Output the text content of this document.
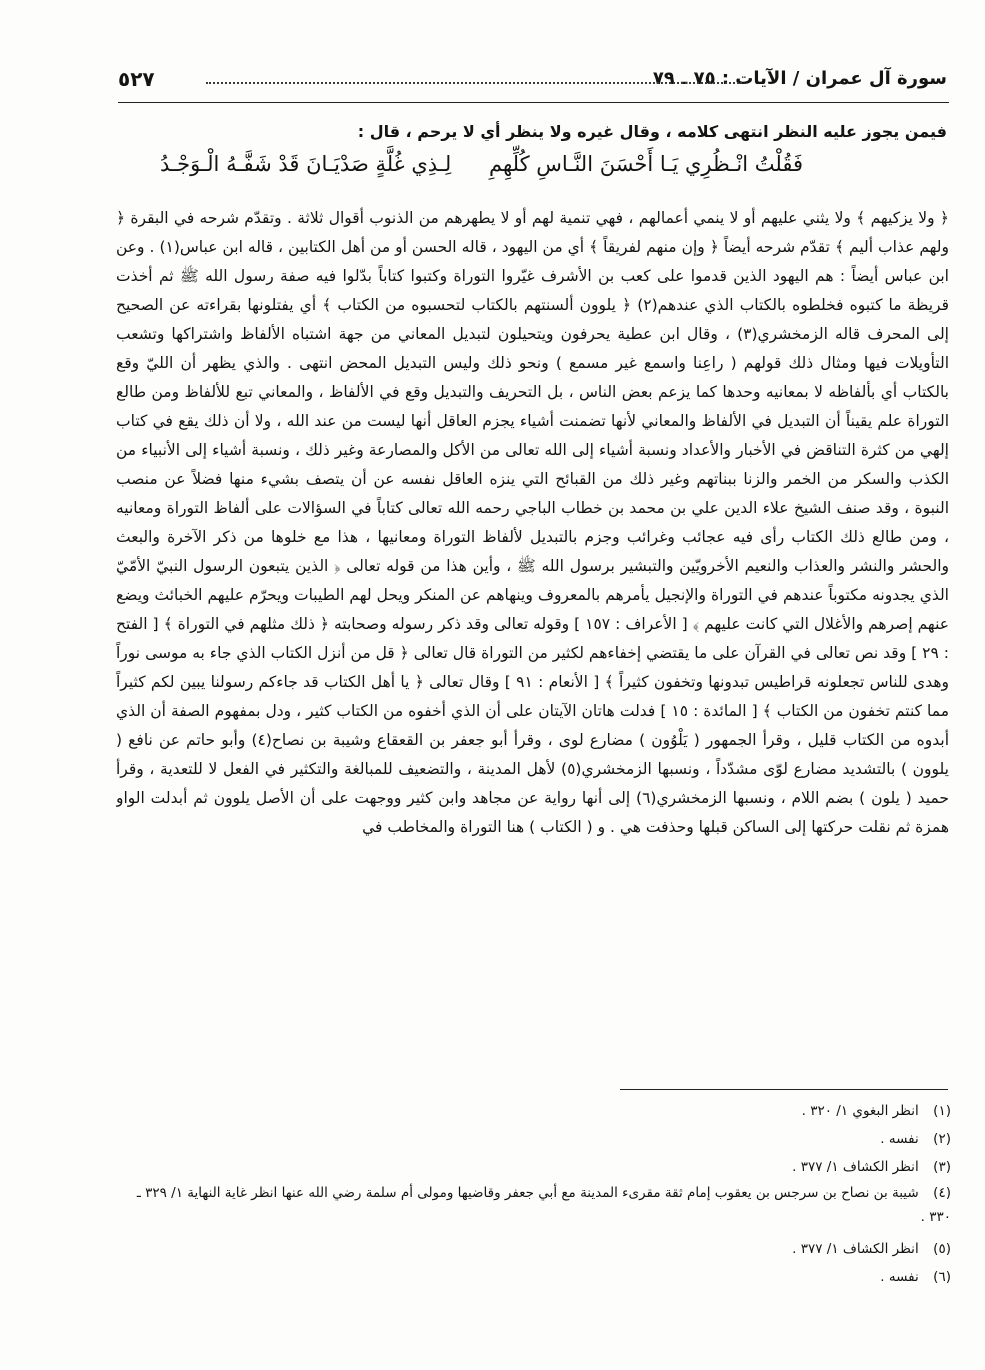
سورة آل عمران / الآيات : ٧٥ ـ ٧٩
٥٢٧
فيمن يجوز عليه النظر انتهى كلامه ، وقال غيره ولا ينظر أي لا يرحم ، قال :
فَقُلْتُ انْـظُرِي يَـا أَحْسَنَ النَّـاسِ كُلِّهِمِ
لِـذِي غُلَّةٍ صَدْيَـانَ قَدْ شَفَّـهُ الْـوَجْـدُ

﴿ ولا يزكيهم ﴾ ولا يثني عليهم أو لا ينمي أعمالهم ، فهي تنمية لهم أو لا يطهرهم من الذنوب أقوال ثلاثة . وتقدّم شرحه في البقرة ﴿ ولهم عذاب أليم ﴾ تقدّم شرحه أيضاً ﴿ وإن منهم لفريقاً ﴾ أي من اليهود ، قاله الحسن أو من أهل الكتابين ، قاله ابن عباس(١) . وعن ابن عباس أيضاً : هم اليهود الذين قدموا على كعب بن الأشرف غيّروا التوراة وكتبوا كتاباً بدّلوا فيه صفة رسول الله ﷺ ثم أخذت قريظة ما كتبوه فخلطوه بالكتاب الذي عندهم(٢) ﴿ يلوون ألسنتهم بالكتاب لتحسبوه من الكتاب ﴾ أي يفتلونها بقراءته عن الصحيح إلى المحرف قاله الزمخشري(٣) ، وقال ابن عطية يحرفون ويتحيلون لتبديل المعاني من جهة اشتباه الألفاظ واشتراكها وتشعب التأويلات فيها ومثال ذلك قولهم ( راعِنا واسمع غير مسمع ) ونحو ذلك وليس التبديل المحض انتهى . والذي يظهر أن الليّ وقع بالكتاب أي بألفاظه لا بمعانيه وحدها كما يزعم بعض الناس ، بل التحريف والتبديل وقع في الألفاظ ، والمعاني تبع للألفاظ ومن طالع التوراة علم يقيناً أن التبديل في الألفاظ والمعاني لأنها تضمنت أشياء يجزم العاقل أنها ليست من عند الله ، ولا أن ذلك يقع في كتاب إلهي من كثرة التناقض في الأخبار والأعداد ونسبة أشياء إلى الله تعالى من الأكل والمصارعة وغير ذلك ، ونسبة أشياء إلى الأنبياء من الكذب والسكر من الخمر والزنا ببناتهم وغير ذلك من القبائح التي ينزه العاقل نفسه عن أن يتصف بشيء منها فضلاً عن منصب النبوة ، وقد صنف الشيخ علاء الدين علي بن محمد بن خطاب الباجي رحمه الله تعالى كتاباً في السؤالات على ألفاظ التوراة ومعانيه ، ومن طالع ذلك الكتاب رأى فيه عجائب وغرائب وجزم بالتبديل لألفاظ التوراة ومعانيها ، هذا مع خلوها من ذكر الآخرة والبعث والحشر والنشر والعذاب والنعيم الأخرويّين والتبشير برسول الله ﷺ ، وأين هذا من قوله تعالى ﴿ الذين يتبعون الرسول النبيّ الأمّيّ الذي يجدونه مكتوباً عندهم في التوراة والإنجيل يأمرهم بالمعروف وينهاهم عن المنكر ويحل لهم الطيبات ويحرّم عليهم الخبائث ويضع عنهم إصرهم والأغلال التي كانت عليهم ﴾ [ الأعراف : ١٥٧ ] وقوله تعالى وقد ذكر رسوله وصحابته ﴿ ذلك مثلهم في التوراة ﴾ [ الفتح : ٢٩ ] وقد نص تعالى في القرآن على ما يقتضي إخفاءهم لكثير من التوراة قال تعالى ﴿ قل من أنزل الكتاب الذي جاء به موسى نوراً وهدى للناس تجعلونه قراطيس تبدونها وتخفون كثيراً ﴾ [ الأنعام : ٩١ ] وقال تعالى ﴿ يا أهل الكتاب قد جاءكم رسولنا يبين لكم كثيراً مما كنتم تخفون من الكتاب ﴾ [ المائدة : ١٥ ] فدلت هاتان الآيتان على أن الذي أخفوه من الكتاب كثير ، ودل بمفهوم الصفة أن الذي أبدوه من الكتاب قليل ، وقرأ الجمهور ( يَلْوُون ) مضارع لوى ، وقرأ أبو جعفر بن القعقاع وشيبة بن نصاح(٤) وأبو حاتم عن نافع ( يلوون ) بالتشديد مضارع لوّى مشدّداً ، ونسبها الزمخشري(٥) لأهل المدينة ، والتضعيف للمبالغة والتكثير في الفعل لا للتعدية ، وقرأ حميد ( يلون ) بضم اللام ، ونسبها الزمخشري(٦) إلى أنها رواية عن مجاهد وابن كثير ووجهت على أن الأصل يلوون ثم أبدلت الواو همزة ثم نقلت حركتها إلى الساكن قبلها وحذفت هي . و ( الكتاب ) هنا التوراة والمخاطب في

(١) انظر البغوي ١/ ٣٢٠ .

(٢) نفسه .

(٣) انظر الكشاف ١/ ٣٧٧ .

(٤) شيبة بن نصاح بن سرجس بن يعقوب إمام ثقة مقرىء المدينة مع أبي جعفر وقاضيها ومولى أم سلمة رضي الله عنها انظر غاية النهاية ١/ ٣٢٩ ـ ٣٣٠ .

(٥) انظر الكشاف ١/ ٣٧٧ .

(٦) نفسه .
